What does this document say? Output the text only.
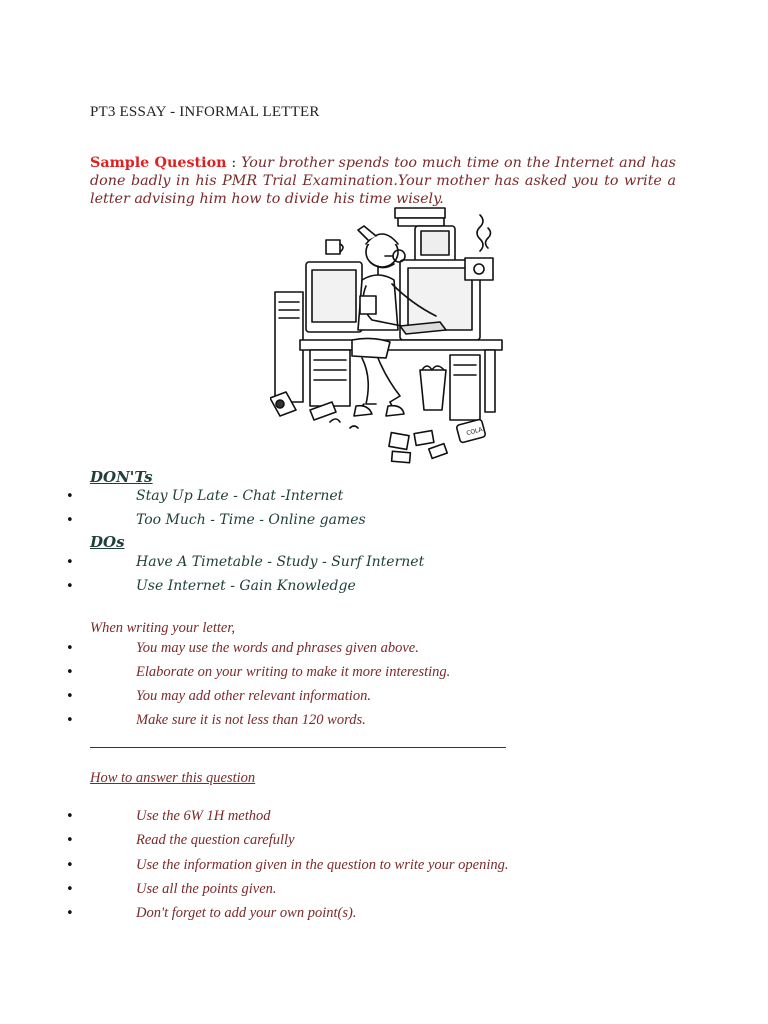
PT3 ESSAY - INFORMAL LETTER
Sample Question : Your brother spends too much time on the Internet and has done badly in his PMR Trial Examination.Your mother has asked you to write a letter advising him how to divide his time wisely.
COLA
DON'Ts
•	Stay Up Late - Chat -Internet
•	Too Much - Time - Online games
DOs
•	Have A Timetable - Study - Surf Internet
•	Use Internet - Gain Knowledge
When writing your letter,
•	You may use the words and phrases given above.
•	Elaborate on your writing to make it more interesting.
•	You may add other relevant information.
•	Make sure it is not less than 120 words.
How to answer this question
•	Use the 6W 1H method
•	Read the question carefully
•	Use the information given in the question to write your opening.
•	Use all the points given.
•	Don't forget to add your own point(s).
